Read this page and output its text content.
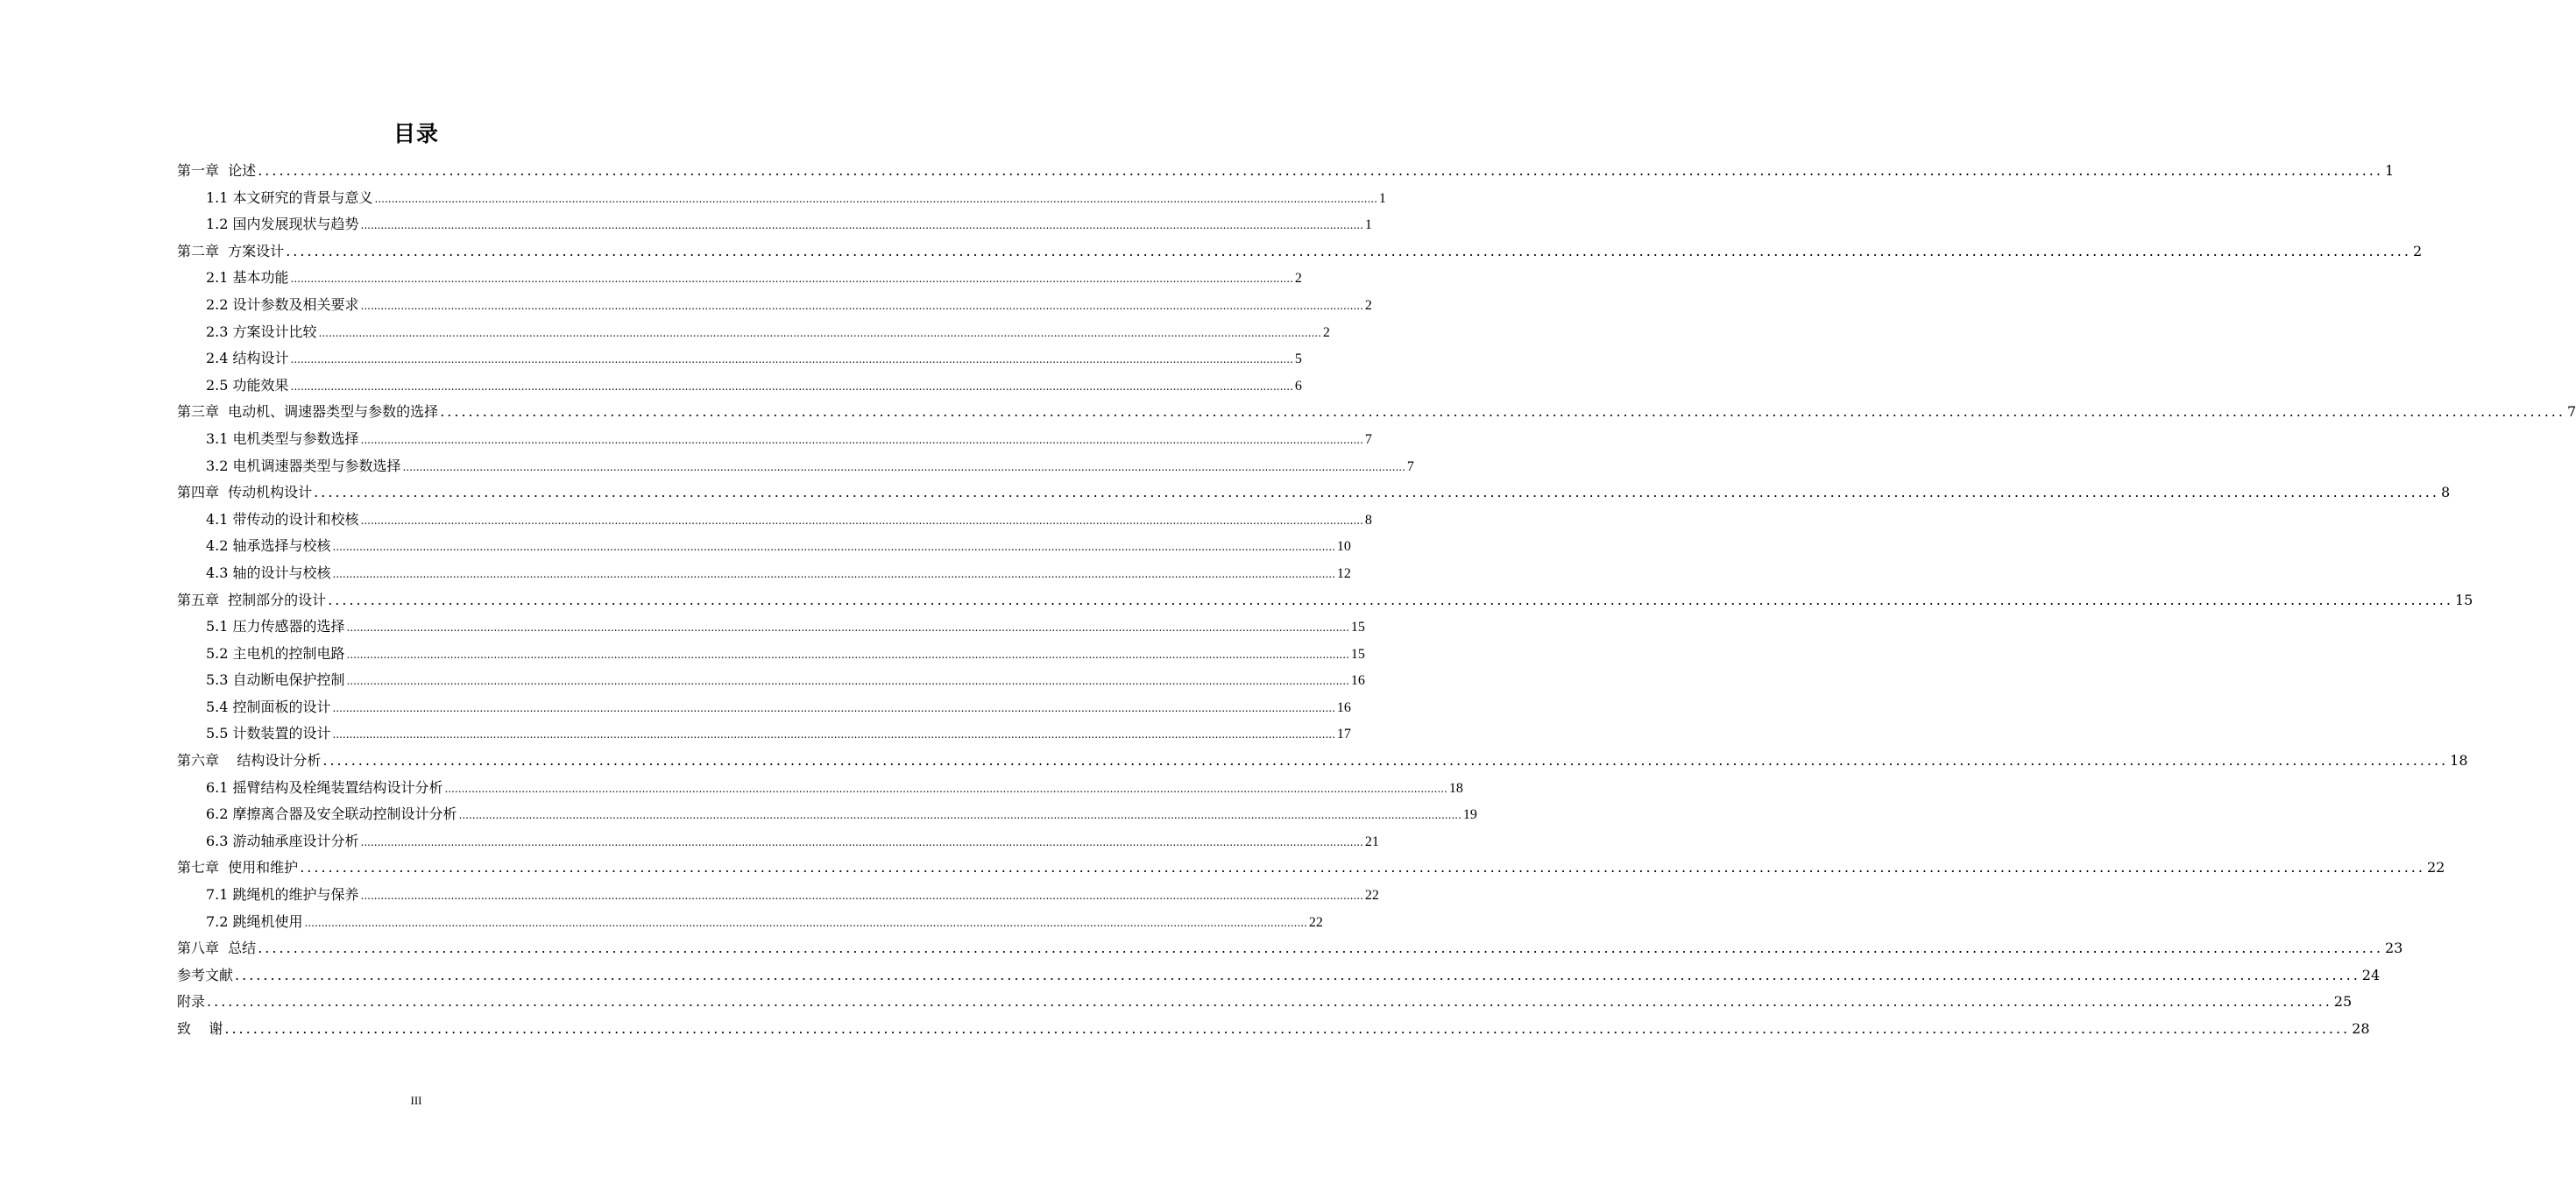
目录
第一章  论述 ............................................................................................................................................................................................................................................................................................................ 1
1.1 本文研究的背景与意义 ............................................................................................................................................................................................................................................................................................................ 1
1.2 国内发展现状与趋势 ............................................................................................................................................................................................................................................................................................................ 1
第二章  方案设计 ............................................................................................................................................................................................................................................................................................................ 2
2.1 基本功能 ............................................................................................................................................................................................................................................................................................................ 2
2.2 设计参数及相关要求 ............................................................................................................................................................................................................................................................................................................ 2
2.3 方案设计比较 ............................................................................................................................................................................................................................................................................................................ 2
2.4 结构设计 ............................................................................................................................................................................................................................................................................................................ 5
2.5 功能效果 ............................................................................................................................................................................................................................................................................................................ 6
第三章  电动机、调速器类型与参数的选择 ............................................................................................................................................................................................................................................................................................................ 7
3.1 电机类型与参数选择 ............................................................................................................................................................................................................................................................................................................ 7
3.2 电机调速器类型与参数选择 ............................................................................................................................................................................................................................................................................................................ 7
第四章  传动机构设计 ............................................................................................................................................................................................................................................................................................................ 8
4.1 带传动的设计和校核 ............................................................................................................................................................................................................................................................................................................ 8
4.2 轴承选择与校核 ............................................................................................................................................................................................................................................................................................................ 10
4.3 轴的设计与校核 ............................................................................................................................................................................................................................................................................................................ 12
第五章  控制部分的设计 ............................................................................................................................................................................................................................................................................................................ 15
5.1 压力传感器的选择 ............................................................................................................................................................................................................................................................................................................ 15
5.2 主电机的控制电路 ............................................................................................................................................................................................................................................................................................................ 15
5.3 自动断电保护控制 ............................................................................................................................................................................................................................................................................................................ 16
5.4 控制面板的设计 ............................................................................................................................................................................................................................................................................................................ 16
5.5 计数装置的设计 ............................................................................................................................................................................................................................................................................................................ 17
第六章    结构设计分析 ............................................................................................................................................................................................................................................................................................................ 18
6.1 摇臂结构及栓绳装置结构设计分析 ............................................................................................................................................................................................................................................................................................................ 18
6.2 摩擦离合器及安全联动控制设计分析 ............................................................................................................................................................................................................................................................................................................ 19
6.3 游动轴承座设计分析 ............................................................................................................................................................................................................................................................................................................ 21
第七章  使用和维护 ............................................................................................................................................................................................................................................................................................................ 22
7.1 跳绳机的维护与保养 ............................................................................................................................................................................................................................................................................................................ 22
7.2 跳绳机使用 ............................................................................................................................................................................................................................................................................................................ 22
第八章  总结 ............................................................................................................................................................................................................................................................................................................ 23
参考文献 ............................................................................................................................................................................................................................................................................................................ 24
附录 ............................................................................................................................................................................................................................................................................................................ 25
致    谢 ............................................................................................................................................................................................................................................................................................................ 28
III
